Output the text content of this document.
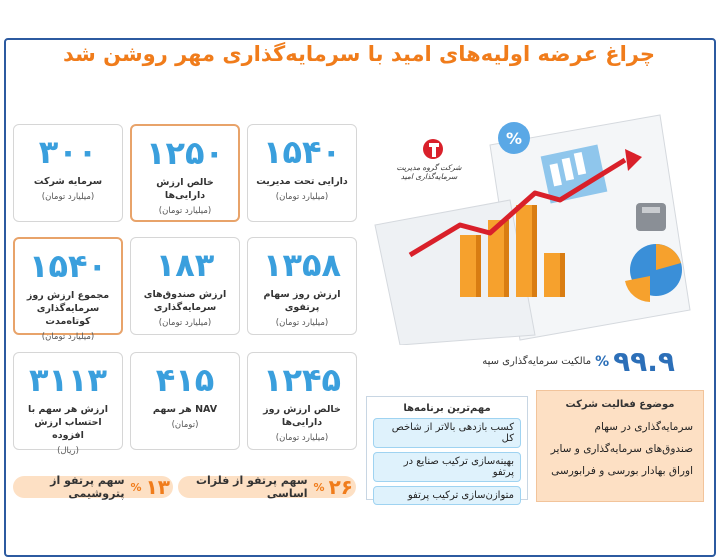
چراغ عرضه اولیه‌های امید با سرمایه‌گذاری مهر روشن شد
۱۵۴۰
دارایی تحت مدیریت
(میلیارد تومان)
۱۲۵۰
خالص ارزش دارایی‌ها
(میلیارد تومان)
۳۰۰
سرمایه شرکت
(میلیارد تومان)
۱۳۵۸
ارزش روز سهام پرتفوی
(میلیارد تومان)
۱۸۳
ارزش صندوق‌های سرمایه‌گذاری
(میلیارد تومان)
۱۵۴۰
مجموع ارزش روز سرمایه‌گذاری کوتاه‌مدت
(میلیارد تومان)
۱۲۴۵
خالص ارزش روز دارایی‌ها
(میلیارد تومان)
۴۱۵
NAV هر سهم
(تومان)
۳۱۱۳
ارزش هر سهم با احتساب ارزش افزوده
(ریال)
%
شرکت گروه مدیریت سرمایه‌گذاری امید
۹۹.۹
%
مالکیت سرمایه‌گذاری سپه
مهم‌ترین برنامه‌ها
کسب بازدهی بالاتر از شاخص کل
بهینه‌سازی ترکیب صنایع در پرتفو
متوازن‌سازی ترکیب پرتفو
موضوع فعالیت شرکت

سرمایه‌گذاری در سهام

صندوق‌های سرمایه‌گذاری و سایر

اوراق بهادار بورسی و فرابورسی

۲۶
%
سهم پرتفو از فلزات اساسی
۱۳
%
سهم پرتفو از پتروشیمی
